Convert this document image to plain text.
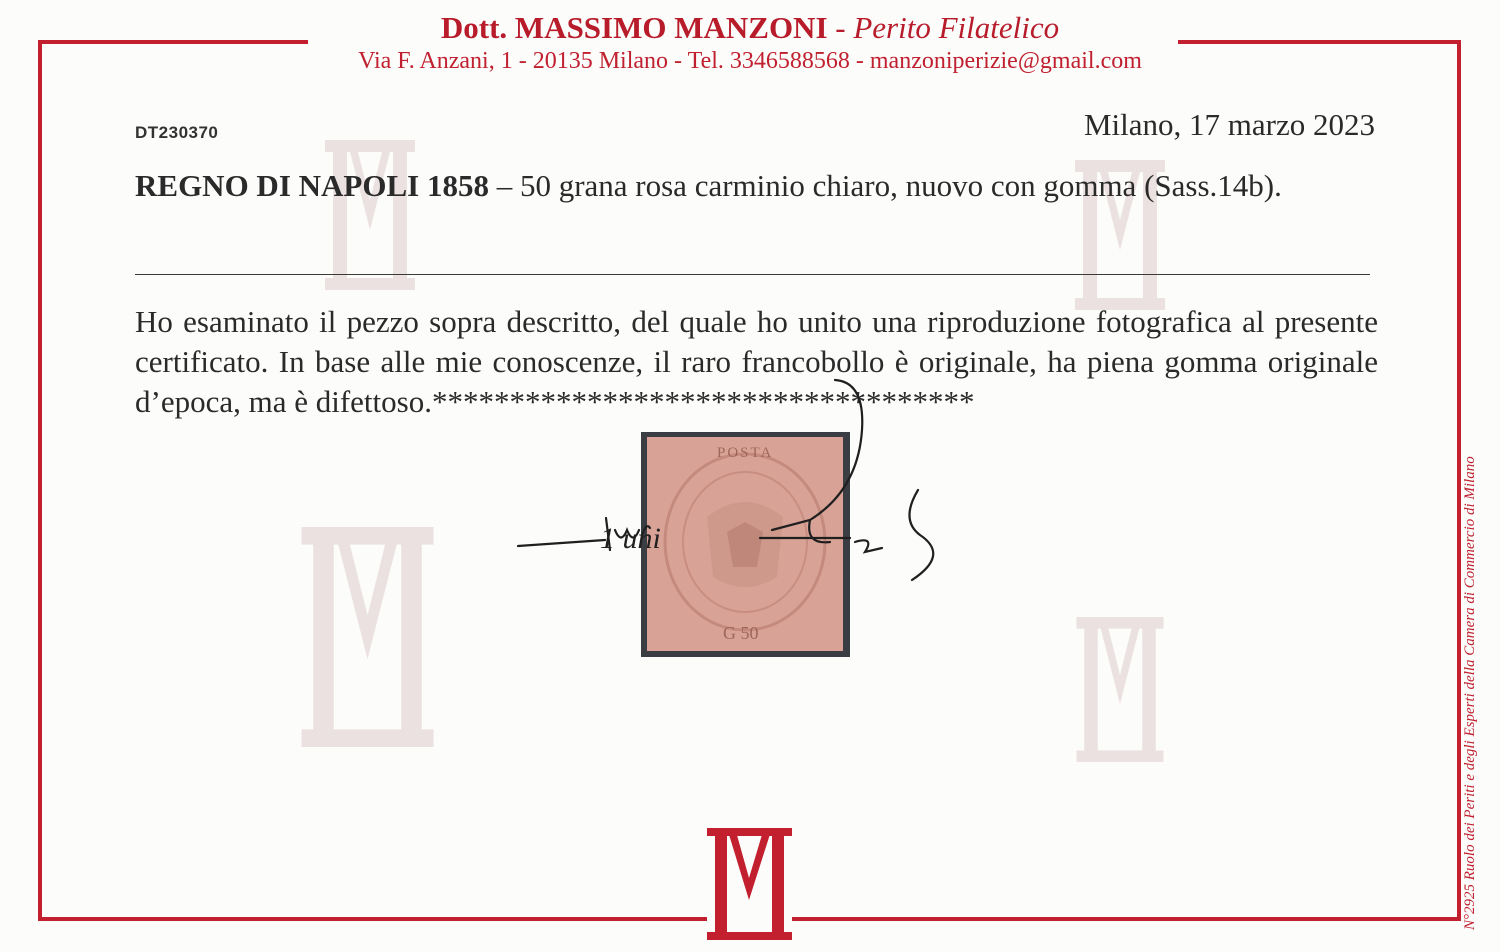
Dott. MASSIMO MANZONI - Perito Filatelico
Via F. Anzani, 1 - 20135 Milano - Tel. 3346588568 - manzoniperizie@gmail.com
DT230370	Milano, 17 marzo 2023
REGNO DI NAPOLI 1858 – 50 grana rosa carminio chiaro, nuovo con gomma (Sass.14b).
Ho esaminato il pezzo sopra descritto, del quale ho unito una riproduzione fotografica al presente certificato. In base alle mie conoscenze, il raro francobollo è originale, ha piena gomma originale d’epoca, ma è difettoso.***********************************
POSTA
G 50
1 uni	N°2925 Ruolo dei Periti e degli Esperti della Camera di Commercio di Milano
